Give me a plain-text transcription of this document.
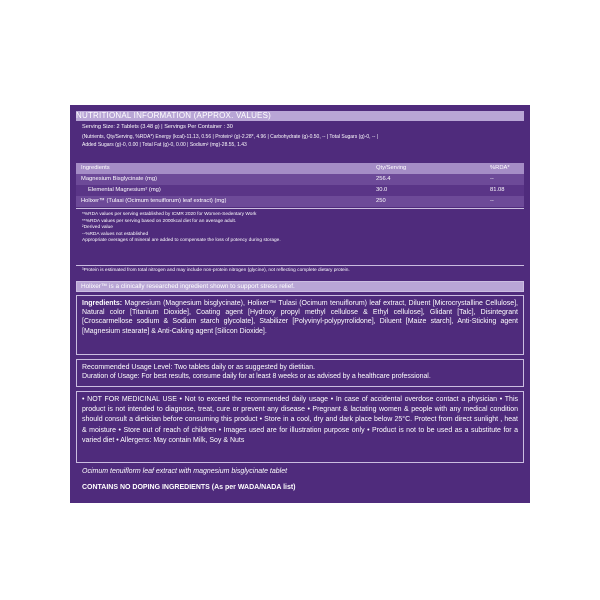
NUTRITIONAL INFORMATION (APPROX. VALUES)
Serving Size: 2 Tablets (3.48 g) | Servings Per Container : 30
(Nutrients, Qty/Serving, %RDA*) Energy (kcal)-11.13, 0.56 | Protein² (g)-2.28*, 4.96 | Carbohydrate (g)-0.50, -- | Total Sugars (g)-0, -- |
Added Sugars (g)-0, 0.00 | Total Fat (g)-0, 0.00 | Sodium² (mg)-28.55, 1.43
Ingredients	Qty/Serving	%RDA*
Magnesium Bisglycinate (mg)	256.4	--
Elemental Magnesium² (mg)	30.0	81.08
Holixer™ (Tulasi (Ocimum tenuiflorum) leaf extract) (mg)	250	--
*%RDA values per serving established by ICMR 2020 for Women-Sedentary Work
**%RDA values per serving based on 2000kcal diet for an average adult.
²Derived value
--%RDA values not established
Appropriate overages of mineral are added to compensate the loss of potency during storage.
³Protein is estimated from total nitrogen and may include non-protein nitrogen (glycine), not reflecting complete dietary protein.
Holixer™ is a clinically researched ingredient shown to support stress relief.
Ingredients: Magnesium (Magnesium bisglycinate), Holixer™ Tulasi (Ocimum tenuiflorum) leaf extract, Diluent [Microcrystalline Cellulose], Natural color [Titanium Dioxide], Coating agent [Hydroxy propyl methyl cellulose & Ethyl cellulose], Glidant [Talc], Disintegrant [Croscarmellose sodium & Sodium starch glycolate], Stabilizer [Polyvinyl-polypyrrolidone], Diluent [Maize starch], Anti-Sticking agent [Magnesium stearate] & Anti-Caking agent [Silicon Dioxide].
Recommended Usage Level: Two tablets daily or as suggested by dietitian.
Duration of Usage: For best results, consume daily for at least 8 weeks or as advised by a healthcare professional.
• NOT FOR MEDICINAL USE • Not to exceed the recommended daily usage • In case of accidental overdose contact a physician • This product is not intended to diagnose, treat, cure or prevent any disease • Pregnant & lactating women & people with any medical condition should consult a dietician before consuming this product • Store in a cool, dry and dark place below 25°C. Protect from direct sunlight , heat & moisture • Store out of reach of children • Images used are for illustration purpose only • Product is not to be used as a substitute for a varied diet • Allergens: May contain Milk, Soy & Nuts
Ocimum tenuiflorm leaf extract with magnesium bisglycinate tablet
CONTAINS NO DOPING INGREDIENTS (As per WADA/NADA list)
